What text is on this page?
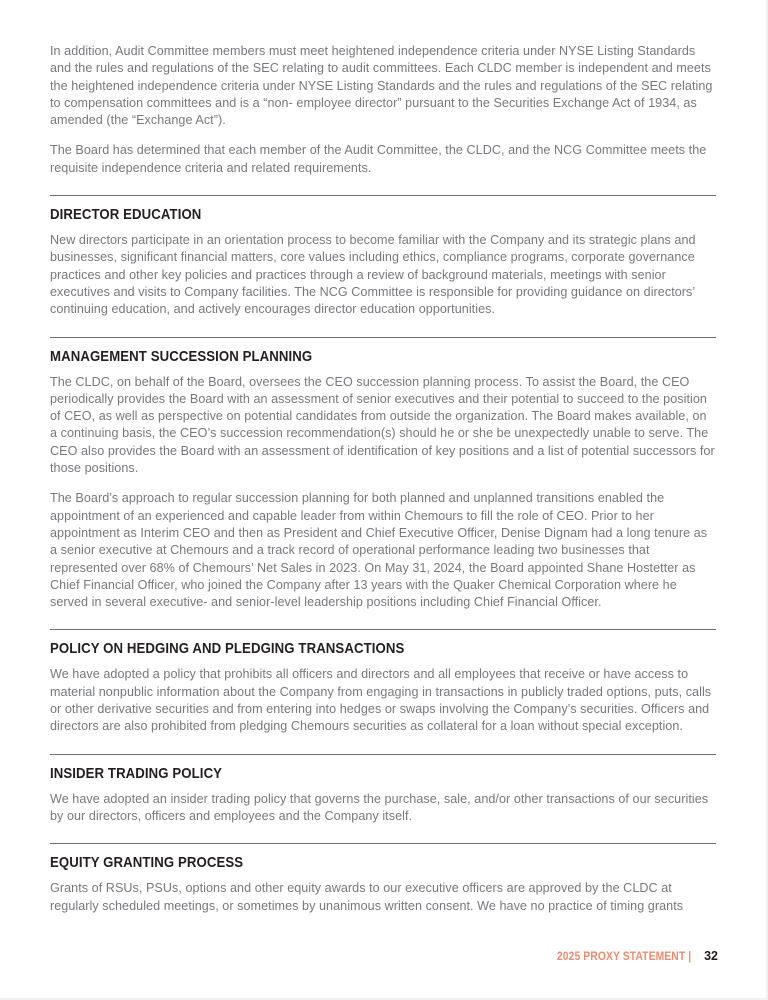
In addition, Audit Committee members must meet heightened independence criteria under NYSE Listing Standards and the rules and regulations of the SEC relating to audit committees. Each CLDC member is independent and meets the heightened independence criteria under NYSE Listing Standards and the rules and regulations of the SEC relating to compensation committees and is a “non- employee director” pursuant to the Securities Exchange Act of 1934, as amended (the “Exchange Act”).

The Board has determined that each member of the Audit Committee, the CLDC, and the NCG Committee meets the requisite independence criteria and related requirements.

DIRECTOR EDUCATION

New directors participate in an orientation process to become familiar with the Company and its strategic plans and businesses, significant financial matters, core values including ethics, compliance programs, corporate governance practices and other key policies and practices through a review of background materials, meetings with senior executives and visits to Company facilities. The NCG Committee is responsible for providing guidance on directors’ continuing education, and actively encourages director education opportunities.

MANAGEMENT SUCCESSION PLANNING

The CLDC, on behalf of the Board, oversees the CEO succession planning process. To assist the Board, the CEO periodically provides the Board with an assessment of senior executives and their potential to succeed to the position of CEO, as well as perspective on potential candidates from outside the organization. The Board makes available, on a continuing basis, the CEO’s succession recommendation(s) should he or she be unexpectedly unable to serve. The CEO also provides the Board with an assessment of identification of key positions and a list of potential successors for those positions.

The Board’s approach to regular succession planning for both planned and unplanned transitions enabled the appointment of an experienced and capable leader from within Chemours to fill the role of CEO. Prior to her appointment as Interim CEO and then as President and Chief Executive Officer, Denise Dignam had a long tenure as a senior executive at Chemours and a track record of operational performance leading two businesses that represented over 68% of Chemours’ Net Sales in 2023. On May 31, 2024, the Board appointed Shane Hostetter as Chief Financial Officer, who joined the Company after 13 years with the Quaker Chemical Corporation where he served in several executive- and senior-level leadership positions including Chief Financial Officer.

POLICY ON HEDGING AND PLEDGING TRANSACTIONS

We have adopted a policy that prohibits all officers and directors and all employees that receive or have access to material nonpublic information about the Company from engaging in transactions in publicly traded options, puts, calls or other derivative securities and from entering into hedges or swaps involving the Company’s securities. Officers and directors are also prohibited from pledging Chemours securities as collateral for a loan without special exception.

INSIDER TRADING POLICY

We have adopted an insider trading policy that governs the purchase, sale, and/or other transactions of our securities by our directors, officers and employees and the Company itself.

EQUITY GRANTING PROCESS

Grants of RSUs, PSUs, options and other equity awards to our executive officers are approved by the CLDC at regularly scheduled meetings, or sometimes by unanimous written consent. We have no practice of timing grants

2025 PROXY STATEMENT | 32
